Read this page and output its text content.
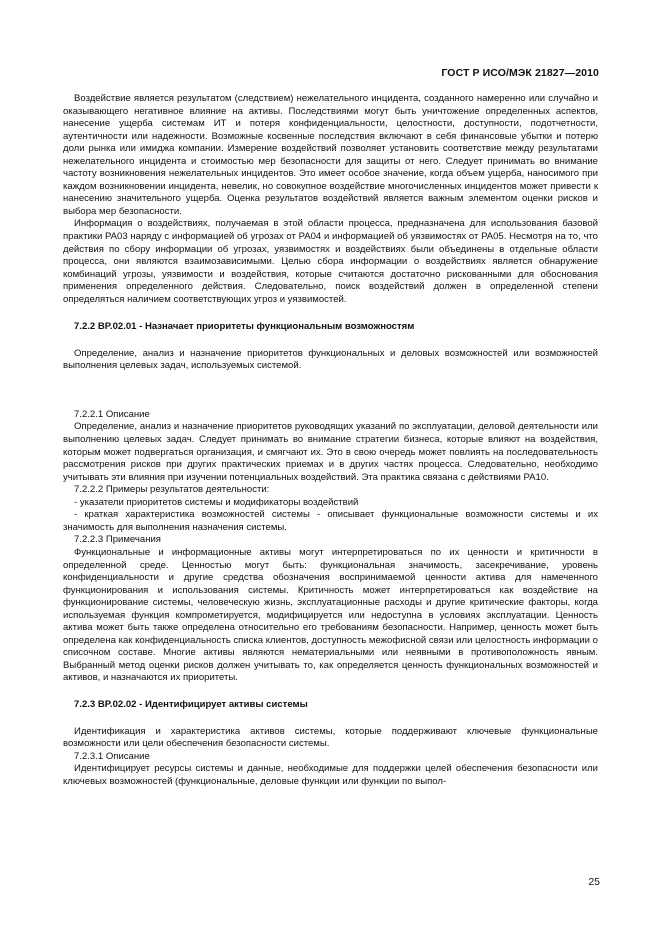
ГОСТ Р ИСО/МЭК 21827—2010

Воздействие является результатом (следствием) нежелательного инцидента, созданного намеренно или случайно и оказывающего негативное влияние на активы. Последствиями могут быть уничтожение определенных аспектов, нанесение ущерба системам ИТ и потеря конфиденциальности, целостности, доступности, подотчетности, аутентичности или надежности. Возможные косвенные последствия включают в себя финансовые убытки и потерю доли рынка или имиджа компании. Измерение воздействий позволяет установить соответствие между результатами нежелательного инцидента и стоимостью мер безопасности для защиты от него. Следует принимать во внимание частоту возникновения нежелательных инцидентов. Это имеет особое значение, когда объем ущерба, наносимого при каждом возникновении инцидента, невелик, но совокупное воздействие многочисленных инцидентов может привести к нанесению значительного ущерба. Оценка результатов воздействий является важным элементом оценки рисков и выбора мер безопасности.

Информация о воздействиях, получаемая в этой области процесса, предназначена для использования базовой практики PA03 наряду с информацией об угрозах от PA04 и информацией об уязвимостях от PA05. Несмотря на то, что действия по сбору информации об угрозах, уязвимостях и воздействиях были объединены в отдельные области процесса, они являются взаимозависимыми. Целью сбора информации о воздействиях является обнаружение комбинаций угрозы, уязвимости и воздействия, которые считаются достаточно рискованными для обоснования применения определенного действия. Следовательно, поиск воздействий должен в определенной степени определяться наличием соответствующих угроз и уязвимостей.

7.2.2 BP.02.01 - Назначает приоритеты функциональным возможностям

Определение, анализ и назначение приоритетов функциональных и деловых возможностей или возможностей выполнения целевых задач, используемых системой.

7.2.2.1 Описание

Определение, анализ и назначение приоритетов руководящих указаний по эксплуатации, деловой деятельности или выполнению целевых задач. Следует принимать во внимание стратегии бизнеса, которые влияют на воздействия, которым может подвергаться организация, и смягчают их. Это в свою очередь может повлиять на последовательность рассмотрения рисков при других практических приемах и в других частях процесса. Следовательно, необходимо учитывать эти влияния при изучении потенциальных воздействий. Эта практика связана с действиями PA10.

7.2.2.2 Примеры результатов деятельности:

- указатели приоритетов системы и модификаторы воздействий

- краткая характеристика возможностей системы - описывает функциональные возможности системы и их значимость для выполнения назначения системы.

7.2.2.3 Примечания

Функциональные и информационные активы могут интерпретироваться по их ценности и критичности в определенной среде. Ценностью могут быть: функциональная значимость, засекречивание, уровень конфиденциальности и другие средства обозначения воспринимаемой ценности актива для намеченного функционирования и использования системы. Критичность может интерпретироваться как воздействие на функционирование системы, человеческую жизнь, эксплуатационные расходы и другие критические факторы, когда используемая функция компрометируется, модифицируется или недоступна в условиях эксплуатации. Ценность актива может быть также определена относительно его требованиям безопасности. Например, ценность может быть определена как конфиденциальность списка клиентов, доступность межофисной связи или целостность информации о списочном составе. Многие активы являются нематериальными или неявными в противоположность явным. Выбранный метод оценки рисков должен учитывать то, как определяется ценность функциональных возможностей и активов, и назначаются их приоритеты.

7.2.3 BP.02.02 - Идентифицирует активы системы

Идентификация и характеристика активов системы, которые поддерживают ключевые функциональные возможности или цели обеспечения безопасности системы.

7.2.3.1 Описание

Идентифицирует ресурсы системы и данные, необходимые для поддержки целей обеспечения безопасности или ключевых возможностей (функциональные, деловые функции или функции по выпол-

25
